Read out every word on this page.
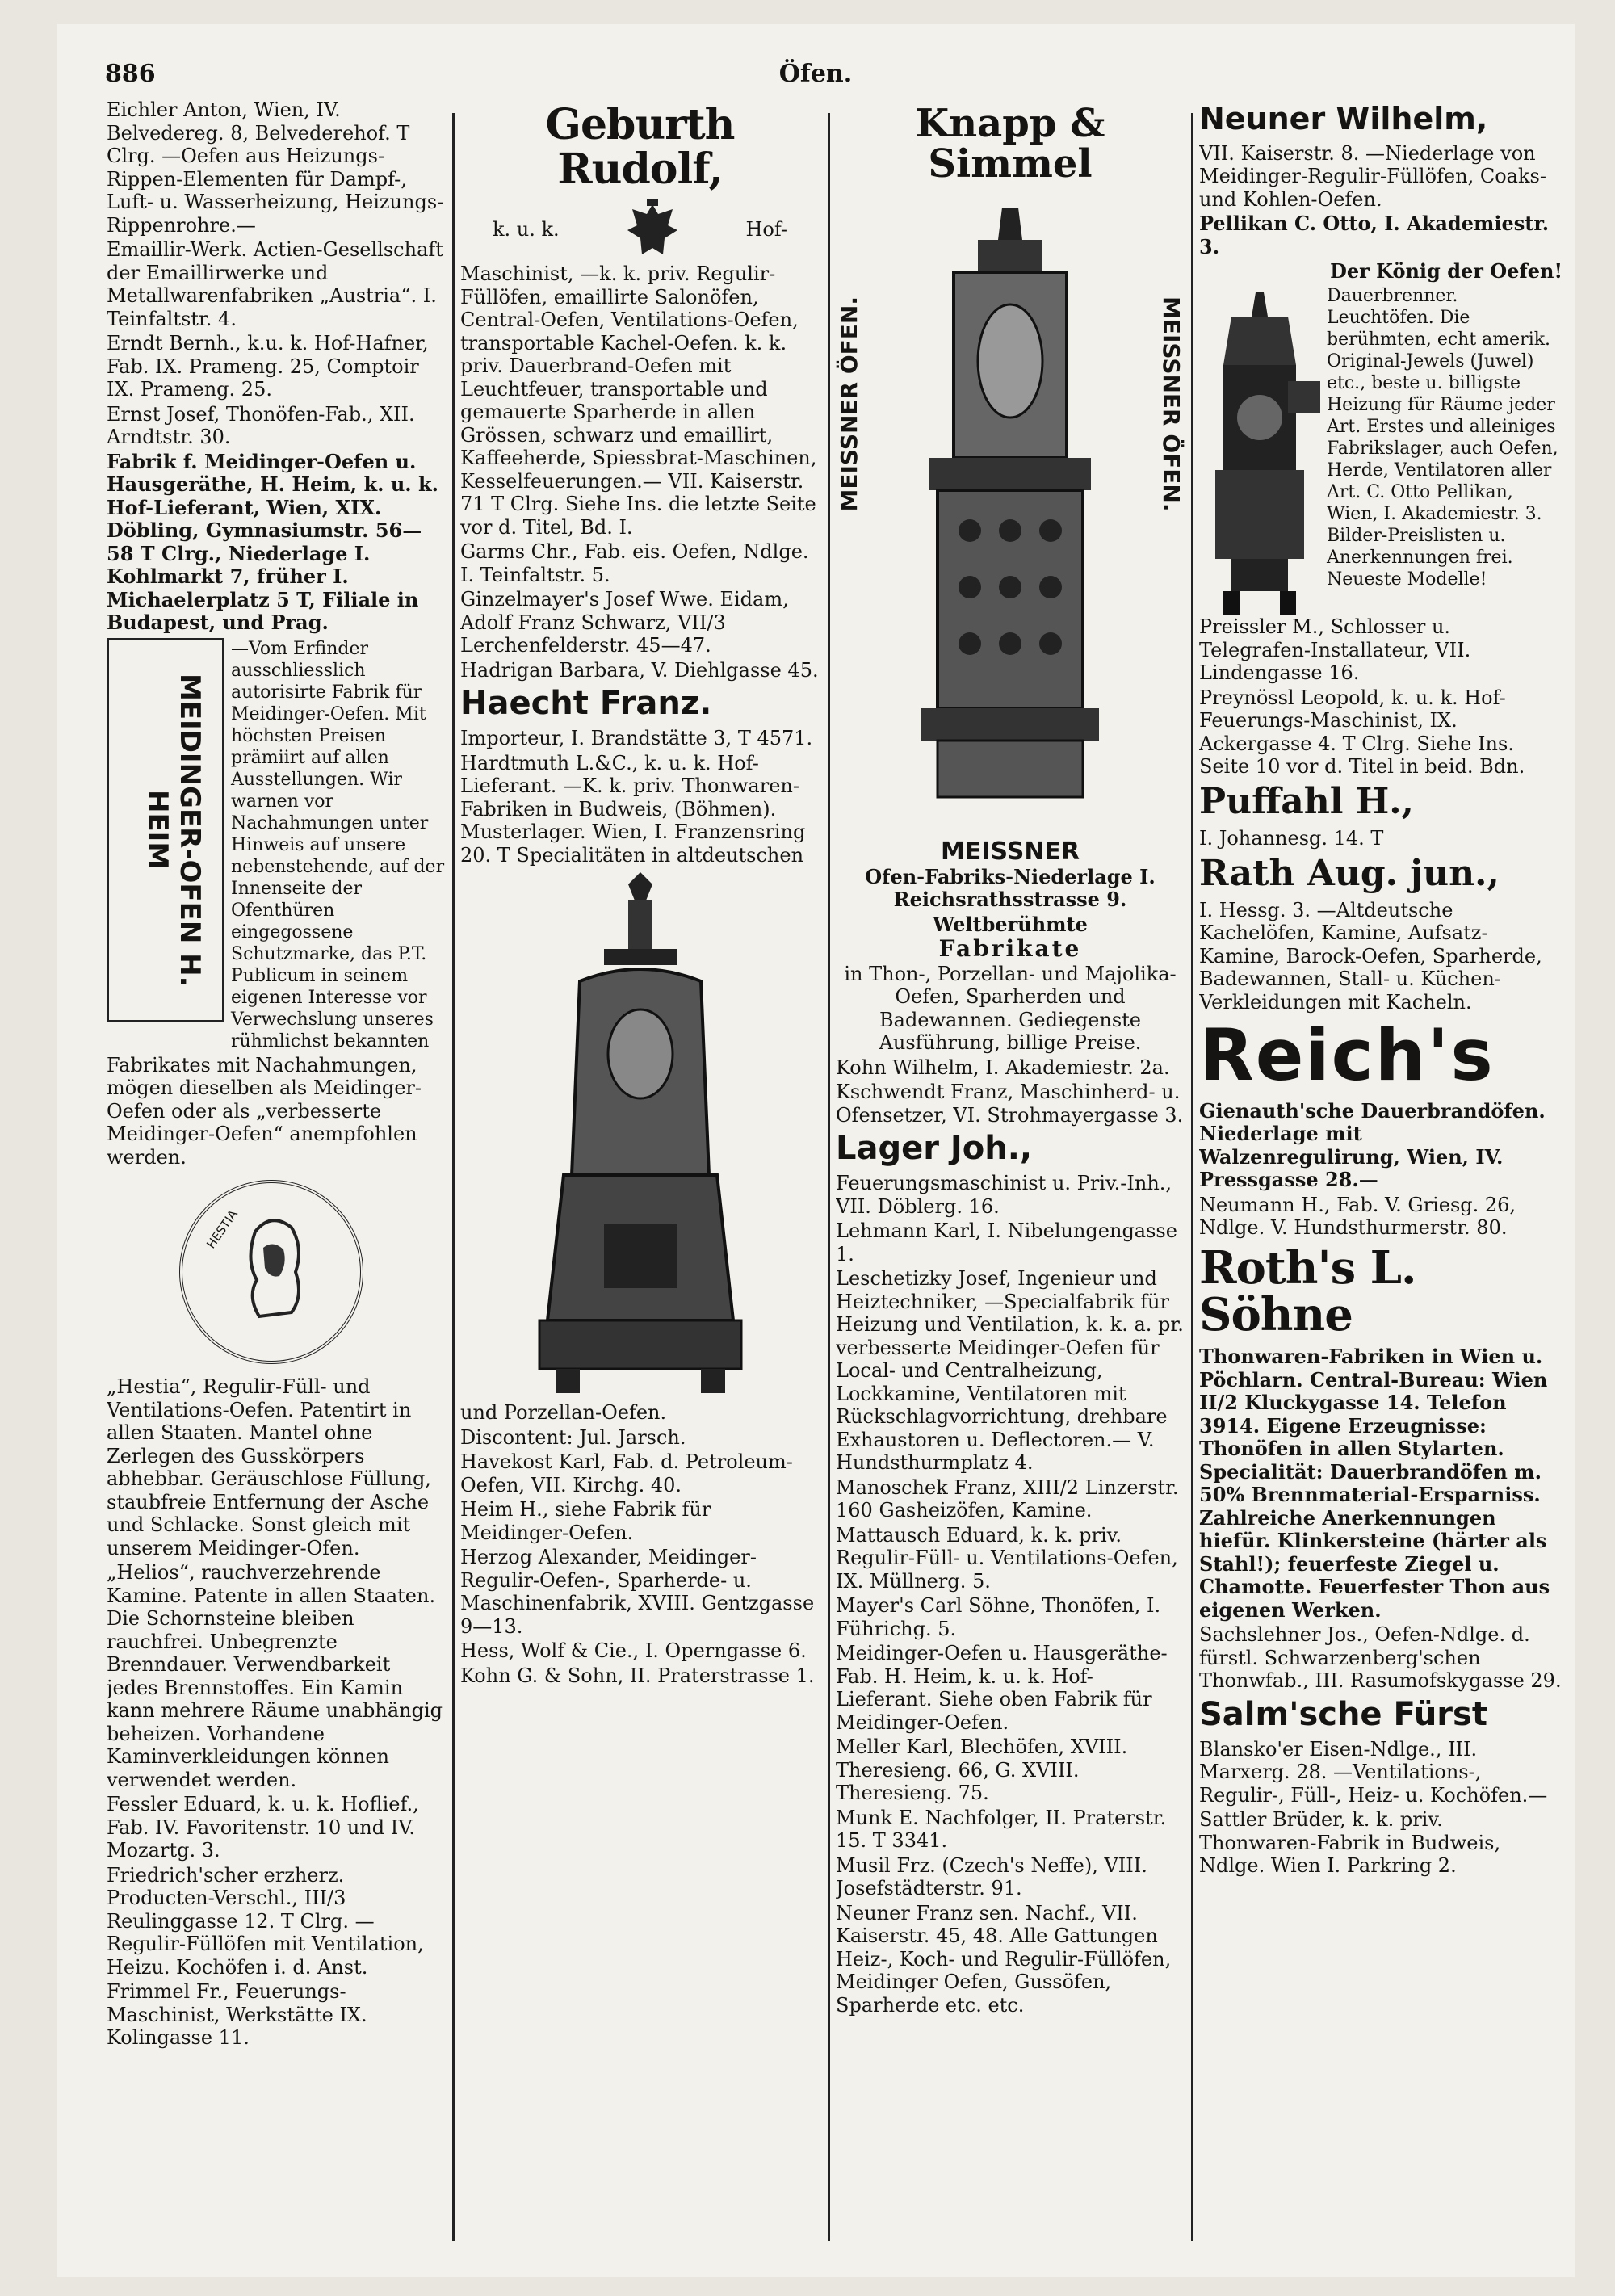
886	Öfen.

Eichler Anton, Wien, IV. Belvedereg. 8, Belvederehof. T Clrg. —Oefen aus Heizungs-Rippen-Elementen für Dampf-, Luft- u. Wasserheizung, Heizungs-Rippenrohre.—

Emaillir-Werk. Actien-Gesellschaft der Emaillirwerke und Metallwarenfabriken „Austria“. I. Teinfaltstr. 4.

Erndt Bernh., k.u. k. Hof-Hafner, Fab. IX. Prameng. 25, Comptoir IX. Prameng. 25.

Ernst Josef, Thonöfen-Fab., XII. Arndtstr. 30.

Fabrik f. Meidinger-Oefen u. Hausgeräthe, H. Heim, k. u. k. Hof-Lieferant, Wien, XIX. Döbling, Gymnasiumstr. 56—58 T Clrg., Niederlage I. Kohlmarkt 7, früher I. Michaelerplatz 5 T, Filiale in Budapest, und Prag.

MEIDINGER-OFEN H. HEIM

—Vom Erfinder ausschliesslich autorisirte Fabrik für Meidinger-Oefen. Mit höchsten Preisen prämiirt auf allen Ausstellungen. Wir warnen vor Nachahmungen unter Hinweis auf unsere nebenstehende, auf der Innenseite der Ofenthüren eingegossene Schutzmarke, das P.T. Publicum in seinem eigenen Interesse vor Verwechslung unseres rühmlichst bekannten

Fabrikates mit Nachahmungen, mögen dieselben als Meidinger-Oefen oder als „verbesserte Meidinger-Oefen“ anempfohlen werden.

HESTIA

„Hestia“, Regulir-Füll- und Ventilations-Oefen. Patentirt in allen Staaten. Mantel ohne Zerlegen des Gusskörpers abhebbar. Geräuschlose Füllung, staubfreie Entfernung der Asche und Schlacke. Sonst gleich mit unserem Meidinger-Ofen.

„Helios“, rauchverzehrende Kamine. Patente in allen Staaten. Die Schornsteine bleiben rauchfrei. Unbegrenzte Brenndauer. Verwendbarkeit jedes Brennstoffes. Ein Kamin kann mehrere Räume unabhängig beheizen. Vorhandene Kaminverkleidungen können verwendet werden.

Fessler Eduard, k. u. k. Hoflief., Fab. IV. Favoritenstr. 10 und IV. Mozartg. 3.

Friedrich'scher erzherz. Producten-Verschl., III/3 Reulinggasse 12. T Clrg. —Regulir-Füllöfen mit Ventilation, Heizu. Kochöfen i. d. Anst.

Frimmel Fr., Feuerungs-Maschinist, Werkstätte IX. Kolingasse 11.

Geburth Rudolf,
k. u. k.	Hof-

Maschinist, —k. k. priv. Regulir-Füllöfen, emaillirte Salonöfen, Central-Oefen, Ventilations-Oefen, transportable Kachel-Oefen. k. k. priv. Dauerbrand-Oefen mit Leuchtfeuer, transportable und gemauerte Sparherde in allen Grössen, schwarz und emaillirt, Kaffeeherde, Spiessbrat-Maschinen, Kesselfeuerungen.— VII. Kaiserstr. 71 T Clrg. Siehe Ins. die letzte Seite vor d. Titel, Bd. I.

Garms Chr., Fab. eis. Oefen, Ndlge. I. Teinfaltstr. 5.

Ginzelmayer's Josef Wwe. Eidam, Adolf Franz Schwarz, VII/3 Lerchenfelderstr. 45—47.

Hadrigan Barbara, V. Diehlgasse 45.

Haecht Franz.

Importeur, I. Brandstätte 3, T 4571.

Hardtmuth L.&C., k. u. k. Hof-Lieferant. —K. k. priv. Thonwaren-Fabriken in Budweis, (Böhmen). Musterlager. Wien, I. Franzensring 20. T Specialitäten in altdeutschen

und Porzellan-Oefen.

Discontent: Jul. Jarsch.

Havekost Karl, Fab. d. Petroleum-Oefen, VII. Kirchg. 40.

Heim H., siehe Fabrik für Meidinger-Oefen.

Herzog Alexander, Meidinger-Regulir-Oefen-, Sparherde- u. Maschinenfabrik, XVIII. Gentzgasse 9—13.

Hess, Wolf & Cie., I. Operngasse 6.

Kohn G. & Sohn, II. Praterstrasse 1.

Knapp & Simmel
MEISSNER ÖFEN.	MEISSNER ÖFEN.
MEISSNER

Ofen-Fabriks-Niederlage I. Reichsrathsstrasse 9.

Weltberühmte

Fabrikate

in Thon-, Porzellan- und Majolika-Oefen, Sparherden und Badewannen. Gediegenste Ausführung, billige Preise.

Kohn Wilhelm, I. Akademiestr. 2a.

Kschwendt Franz, Maschinherd- u. Ofensetzer, VI. Strohmayergasse 3.

Lager Joh.,

Feuerungsmaschinist u. Priv.-Inh., VII. Döblerg. 16.

Lehmann Karl, I. Nibelungengasse 1.

Leschetizky Josef, Ingenieur und Heiztechniker, —Specialfabrik für Heizung und Ventilation, k. k. a. pr. verbesserte Meidinger-Oefen für Local- und Centralheizung, Lockkamine, Ventilatoren mit Rückschlagvorrichtung, drehbare Exhaustoren u. Deflectoren.— V. Hundsthurmplatz 4.

Manoschek Franz, XIII/2 Linzerstr. 160 Gasheizöfen, Kamine.

Mattausch Eduard, k. k. priv. Regulir-Füll- u. Ventilations-Oefen, IX. Müllnerg. 5.

Mayer's Carl Söhne, Thonöfen, I. Führichg. 5.

Meidinger-Oefen u. Hausgeräthe-Fab. H. Heim, k. u. k. Hof-Lieferant. Siehe oben Fabrik für Meidinger-Oefen.

Meller Karl, Blechöfen, XVIII. Theresieng. 66, G. XVIII. Theresieng. 75.

Munk E. Nachfolger, II. Praterstr. 15. T 3341.

Musil Frz. (Czech's Neffe), VIII. Josefstädterstr. 91.

Neuner Franz sen. Nachf., VII. Kaiserstr. 45, 48. Alle Gattungen Heiz-, Koch- und Regulir-Füllöfen, Meidinger Oefen, Gussöfen, Sparherde etc. etc.

Neuner Wilhelm,

VII. Kaiserstr. 8. —Niederlage von Meidinger-Regulir-Füllöfen, Coaks- und Kohlen-Oefen.

Pellikan C. Otto, I. Akademiestr. 3.

Der König der Oefen!

Dauerbrenner. Leuchtöfen. Die berühmten, echt amerik. Original-Jewels (Juwel) etc., beste u. billigste Heizung für Räume jeder Art. Erstes und alleiniges Fabrikslager, auch Oefen, Herde, Ventilatoren aller Art. C. Otto Pellikan, Wien, I. Akademiestr. 3. Bilder-Preislisten u. Anerkennungen frei. Neueste Modelle!

Preissler M., Schlosser u. Telegrafen-Installateur, VII. Lindengasse 16.

Preynössl Leopold, k. u. k. Hof-Feuerungs-Maschinist, IX. Ackergasse 4. T Clrg. Siehe Ins. Seite 10 vor d. Titel in beid. Bdn.

Puffahl H.,

I. Johannesg. 14. T

Rath Aug. jun.,

I. Hessg. 3. —Altdeutsche Kachelöfen, Kamine, Aufsatz-Kamine, Barock-Oefen, Sparherde, Badewannen, Stall- u. Küchen-Verkleidungen mit Kacheln.

Reich's

Gienauth'sche Dauerbrandöfen. Niederlage mit Walzenregulirung, Wien, IV. Pressgasse 28.—

Neumann H., Fab. V. Griesg. 26, Ndlge. V. Hundsthurmerstr. 80.

Roth's L. Söhne

Thonwaren-Fabriken in Wien u. Pöchlarn. Central-Bureau: Wien II/2 Kluckygasse 14. Telefon 3914. Eigene Erzeugnisse: Thonöfen in allen Stylarten. Specialität: Dauerbrandöfen m. 50% Brennmaterial-Ersparniss. Zahlreiche Anerkennungen hiefür. Klinkersteine (härter als Stahl!); feuerfeste Ziegel u. Chamotte. Feuerfester Thon aus eigenen Werken.

Sachslehner Jos., Oefen-Ndlge. d. fürstl. Schwarzenberg'schen Thonwfab., III. Rasumofskygasse 29.

Salm'sche Fürst

Blansko'er Eisen-Ndlge., III. Marxerg. 28. —Ventilations-, Regulir-, Füll-, Heiz- u. Kochöfen.—

Sattler Brüder, k. k. priv. Thonwaren-Fabrik in Budweis, Ndlge. Wien I. Parkring 2.
